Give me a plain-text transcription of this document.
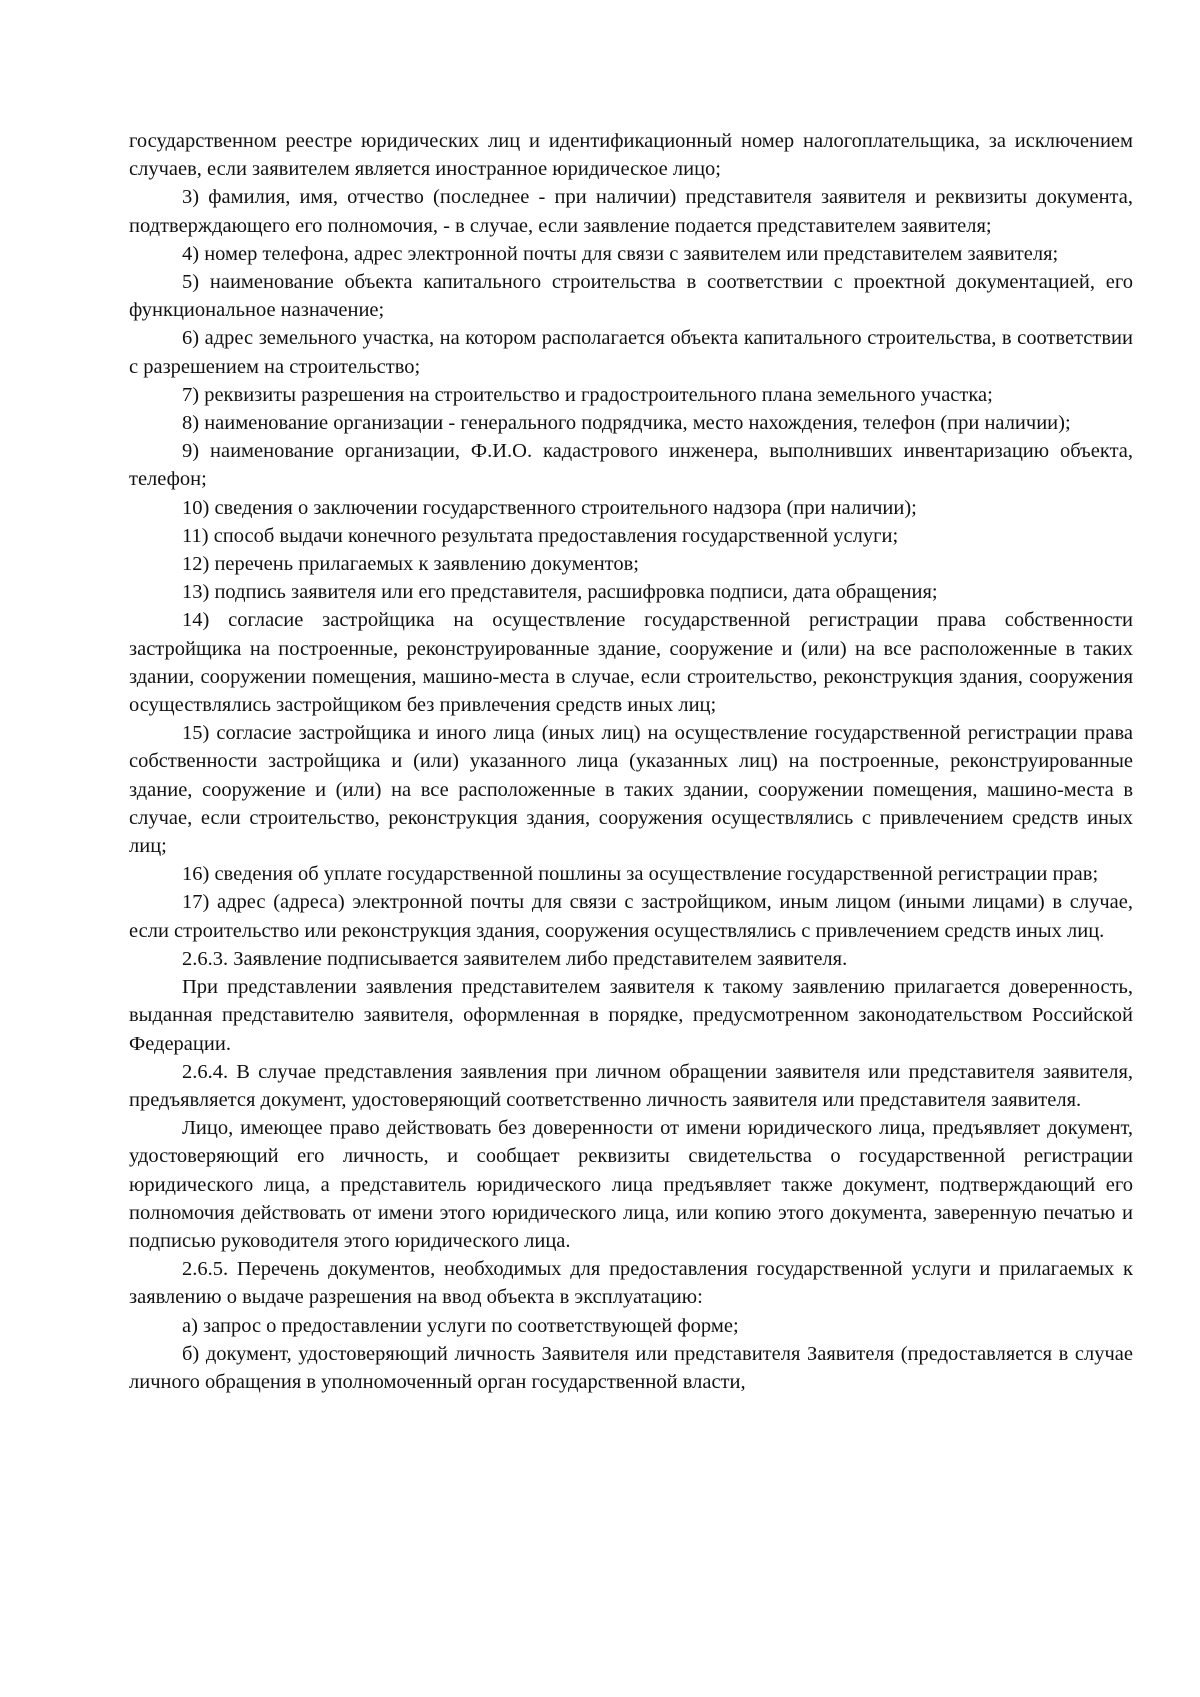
государственном реестре юридических лиц и идентификационный номер налогоплательщика, за исключением случаев, если заявителем является иностранное юридическое лицо;

3) фамилия, имя, отчество (последнее - при наличии) представителя заявителя и реквизиты документа, подтверждающего его полномочия, - в случае, если заявление подается представителем заявителя;

4) номер телефона, адрес электронной почты для связи с заявителем или представителем заявителя;

5) наименование объекта капитального строительства в соответствии с проектной документацией, его функциональное назначение;

6) адрес земельного участка, на котором располагается объекта капитального строительства, в соответствии с разрешением на строительство;

7) реквизиты разрешения на строительство и градостроительного плана земельного участка;

8) наименование организации - генерального подрядчика, место нахождения, телефон (при наличии);

9) наименование организации, Ф.И.О. кадастрового инженера, выполнивших инвентаризацию объекта, телефон;

10) сведения о заключении государственного строительного надзора (при наличии);

11) способ выдачи конечного результата предоставления государственной услуги;

12) перечень прилагаемых к заявлению документов;

13) подпись заявителя или его представителя, расшифровка подписи, дата обращения;

14) согласие застройщика на осуществление государственной регистрации права собственности застройщика на построенные, реконструированные здание, сооружение и (или) на все расположенные в таких здании, сооружении помещения, машино-места в случае, если строительство, реконструкция здания, сооружения осуществлялись застройщиком без привлечения средств иных лиц;

15) согласие застройщика и иного лица (иных лиц) на осуществление государственной регистрации права собственности застройщика и (или) указанного лица (указанных лиц) на построенные, реконструированные здание, сооружение и (или) на все расположенные в таких здании, сооружении помещения, машино-места в случае, если строительство, реконструкция здания, сооружения осуществлялись с привлечением средств иных лиц;

16) сведения об уплате государственной пошлины за осуществление государственной регистрации прав;

17) адрес (адреса) электронной почты для связи с застройщиком, иным лицом (иными лицами) в случае, если строительство или реконструкция здания, сооружения осуществлялись с привлечением средств иных лиц.

2.6.3. Заявление подписывается заявителем либо представителем заявителя.

При представлении заявления представителем заявителя к такому заявлению прилагается доверенность, выданная представителю заявителя, оформленная в порядке, предусмотренном законодательством Российской Федерации.

2.6.4. В случае представления заявления при личном обращении заявителя или представителя заявителя, предъявляется документ, удостоверяющий соответственно личность заявителя или представителя заявителя.

Лицо, имеющее право действовать без доверенности от имени юридического лица, предъявляет документ, удостоверяющий его личность, и сообщает реквизиты свидетельства о государственной регистрации юридического лица, а представитель юридического лица предъявляет также документ, подтверждающий его полномочия действовать от имени этого юридического лица, или копию этого документа, заверенную печатью и подписью руководителя этого юридического лица.

2.6.5. Перечень документов, необходимых для предоставления государственной услуги и прилагаемых к заявлению о выдаче разрешения на ввод объекта в эксплуатацию:

а) запрос о предоставлении услуги по соответствующей форме;

б) документ, удостоверяющий личность Заявителя или представителя Заявителя (предоставляется в случае личного обращения в уполномоченный орган государственной власти,
